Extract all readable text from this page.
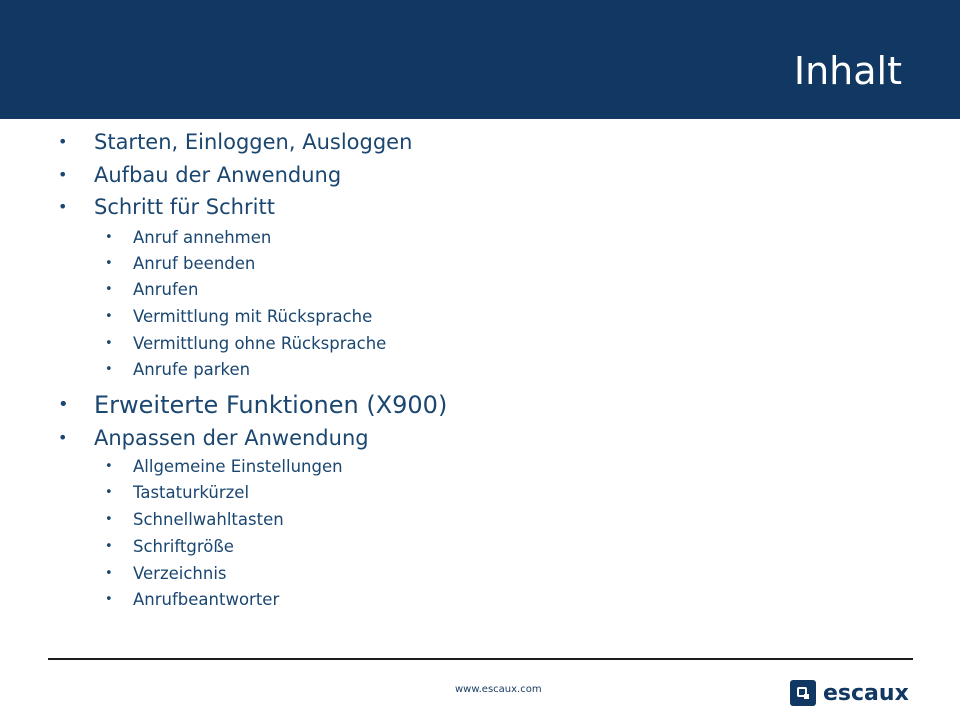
Inhalt
• Starten, Einloggen, Ausloggen
• Aufbau der Anwendung
• Schritt für Schritt
• Anruf annehmen
• Anruf beenden
• Anrufen
• Vermittlung mit Rücksprache
• Vermittlung ohne Rücksprache
• Anrufe parken
• Erweiterte Funktionen (X900)
• Anpassen der Anwendung
• Allgemeine Einstellungen
• Tastaturkürzel
• Schnellwahltasten
• Schriftgröße
• Verzeichnis
• Anrufbeantworter
www.escaux.com	escaux
